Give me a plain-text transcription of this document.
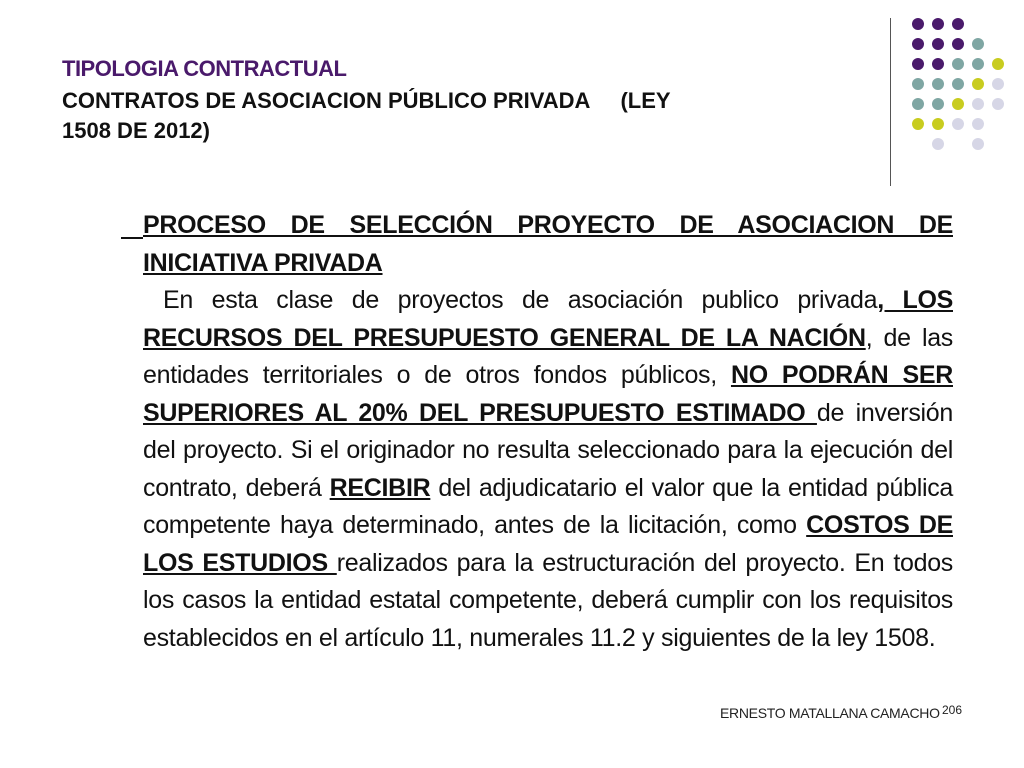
TIPOLOGIA CONTRACTUAL
CONTRATOS DE ASOCIACION PÚBLICO PRIVADA (LEY
1508 DE 2012)
PROCESO DE SELECCIÓN PROYECTO DE ASOCIACION DE INICIATIVA PRIVADA
En esta clase de proyectos de asociación publico privada, LOS RECURSOS DEL PRESUPUESTO GENERAL DE LA NACIÓN, de las entidades territoriales o de otros fondos públicos, NO PODRÁN SER SUPERIORES AL 20% DEL PRESUPUESTO ESTIMADO de inversión del proyecto. Si el originador no resulta seleccionado para la ejecución del contrato, deberá RECIBIR del adjudicatario el valor que la entidad pública competente haya determinado, antes de la licitación, como COSTOS DE LOS ESTUDIOS realizados para la estructuración del proyecto. En todos los casos la entidad estatal competente, deberá cumplir con los requisitos establecidos en el artículo 11, numerales 11.2 y siguientes de la ley 1508.
ERNESTO MATALLANA CAMACHO 206
